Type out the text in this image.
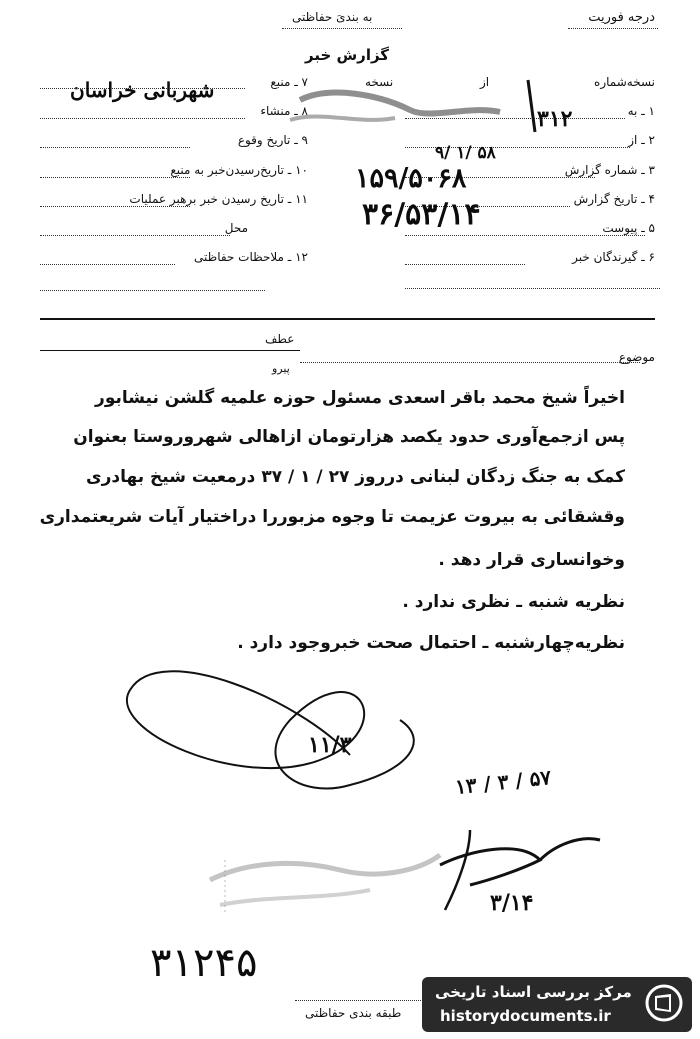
درجه فوریت
به بندیَ حفاظتی
گزارش خبر
نسخه‌شماره
۱ ـ به
۲ ـ از
۳ ـ شماره گزارش
۴ ـ تاریخ گزارش
۵ ـ پیوست
۶ ـ گیرندگان خبر
از
نسخه
۷ ـ منبع
۸ ـ منشاء
۹ ـ تاریخ وقوع
۱۰ ـ تاریخ‌رسیدن‌خبر به منبع
۱۱ ـ تاریخ رسیدن خبر برهبر عملیات
محل
۱۲ ـ ملاحظات حفاظتی
شهربانی خراسان
۳۱۲
۹/ ۱/ ۵۸
۱۵۹/۵۰۶۸
۳۶/۵۳/۱۴
موضوع
عطف
پیرو
اخیراً شیخ محمد باقر اسعدی مسئول حوزه علمیه گلشن نیشابور
پس ازجمع‌آوری حدود یکصد هزارتومان ازاهالی شهروروستا بعنوان
کمک به جنگ زدگان لبنانی درروز ۲۷ / ۱ / ۳۷ درمعیت شیخ بهادری
وقشقائی به‌ بیروت عزیمت تا وجوه مزبوررا دراختیار آیات شریعتمداری
وخوانساری قرار دهد .
نظریه شنبه ـ نظری ندارد .
نظریه‌چهارشنبه ـ احتمال صحت خبروجود دارد .
۱۱/۳
۱۳ / ۳ / ۵۷
۳/۱۴
۳۱۲۴۵
طبقه بندی حفاظتی
مرکز بررسی اسناد تاریخی
historydocuments.ir
